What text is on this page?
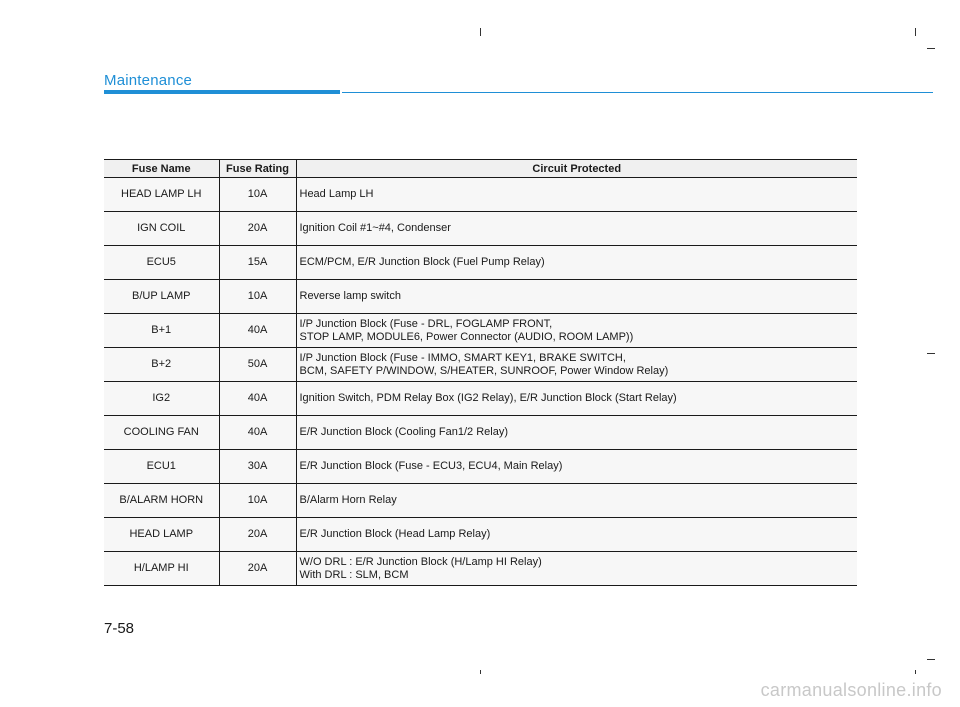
Maintenance
Fuse Name	Fuse Rating	Circuit Protected
HEAD LAMP LH	10A	Head Lamp LH

IGN COIL	20A	Ignition Coil #1~#4, Condenser

ECU5	15A	ECM/PCM, E/R Junction Block (Fuel Pump Relay)

B/UP LAMP	10A	Reverse lamp switch

B+1	40A	I/P Junction Block (Fuse - DRL, FOGLAMP FRONT,
STOP LAMP, MODULE6, Power Connector (AUDIO, ROOM LAMP))

B+2	50A	I/P Junction Block (Fuse - IMMO, SMART KEY1, BRAKE SWITCH,
BCM, SAFETY P/WINDOW, S/HEATER, SUNROOF, Power Window Relay)

IG2	40A	Ignition Switch, PDM Relay Box (IG2 Relay), E/R Junction Block (Start Relay)

COOLING FAN	40A	E/R Junction Block (Cooling Fan1/2 Relay)

ECU1	30A	E/R Junction Block (Fuse - ECU3, ECU4, Main Relay)

B/ALARM HORN	10A	B/Alarm Horn Relay

HEAD LAMP	20A	E/R Junction Block (Head Lamp Relay)

H/LAMP HI	20A	W/O DRL : E/R Junction Block (H/Lamp HI Relay)
With DRL : SLM, BCM
7-58
carmanualsonline.info
